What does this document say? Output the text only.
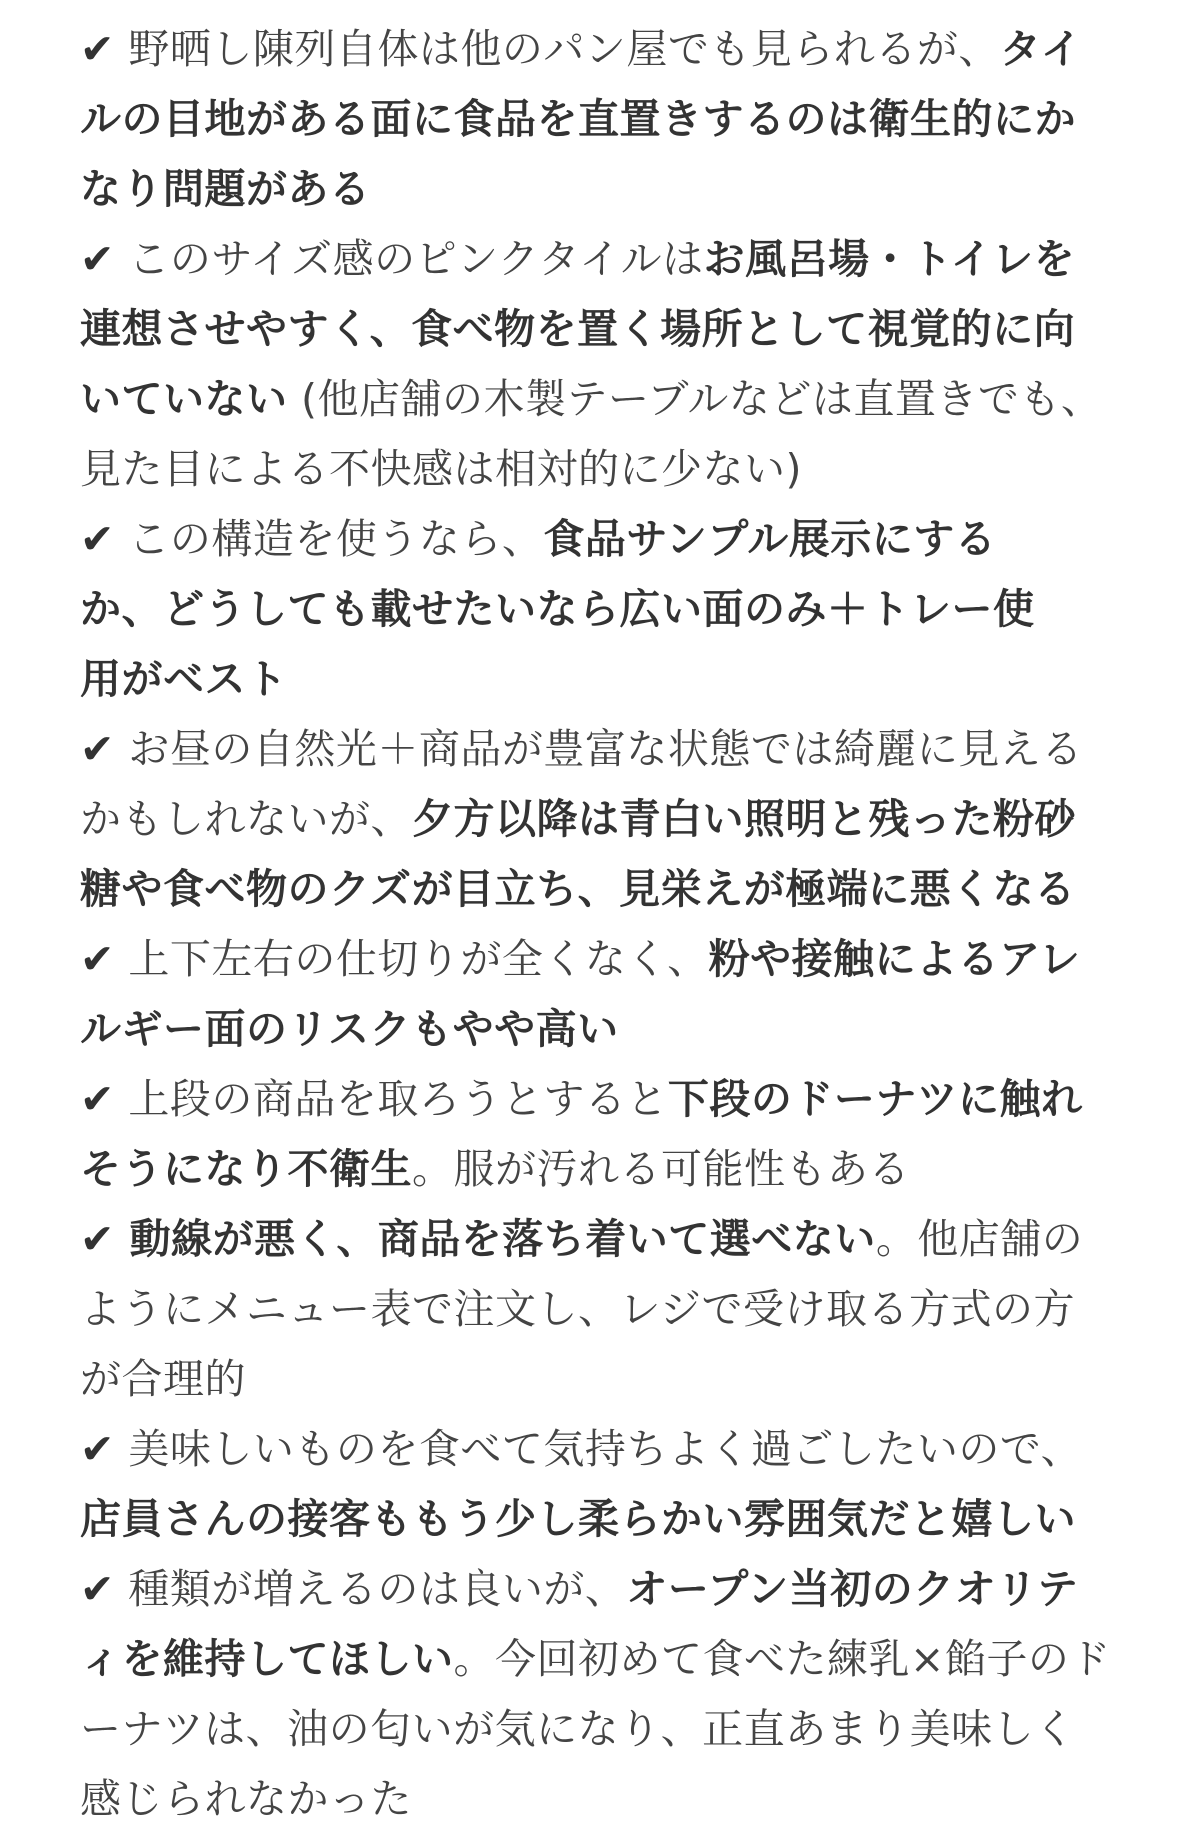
✔ 野晒し陳列自体は他のパン屋でも見られるが、タイ
ルの目地がある面に食品を直置きするのは衛生的にか
なり問題がある
✔ このサイズ感のピンクタイルはお風呂場・トイレを
連想させやすく、食べ物を置く場所として視覚的に向
いていない (他店舗の木製テーブルなどは直置きでも、
見た目による不快感は相対的に少ない)
✔ この構造を使うなら、食品サンプル展示にする
か、どうしても載せたいなら広い面のみ＋トレー使
用がベスト
✔ お昼の自然光＋商品が豊富な状態では綺麗に見える
かもしれないが、夕方以降は青白い照明と残った粉砂
糖や食べ物のクズが目立ち、見栄えが極端に悪くなる
✔ 上下左右の仕切りが全くなく、粉や接触によるアレ
ルギー面のリスクもやや高い
✔ 上段の商品を取ろうとすると下段のドーナツに触れ
そうになり不衛生。服が汚れる可能性もある
✔ 動線が悪く、商品を落ち着いて選べない。他店舗の
ようにメニュー表で注文し、レジで受け取る方式の方
が合理的
✔ 美味しいものを食べて気持ちよく過ごしたいので、
店員さんの接客ももう少し柔らかい雰囲気だと嬉しい
✔ 種類が増えるのは良いが、オープン当初のクオリテ
ィを維持してほしい。今回初めて食べた練乳×餡子のド
ーナツは、油の匂いが気になり、正直あまり美味しく
感じられなかった
